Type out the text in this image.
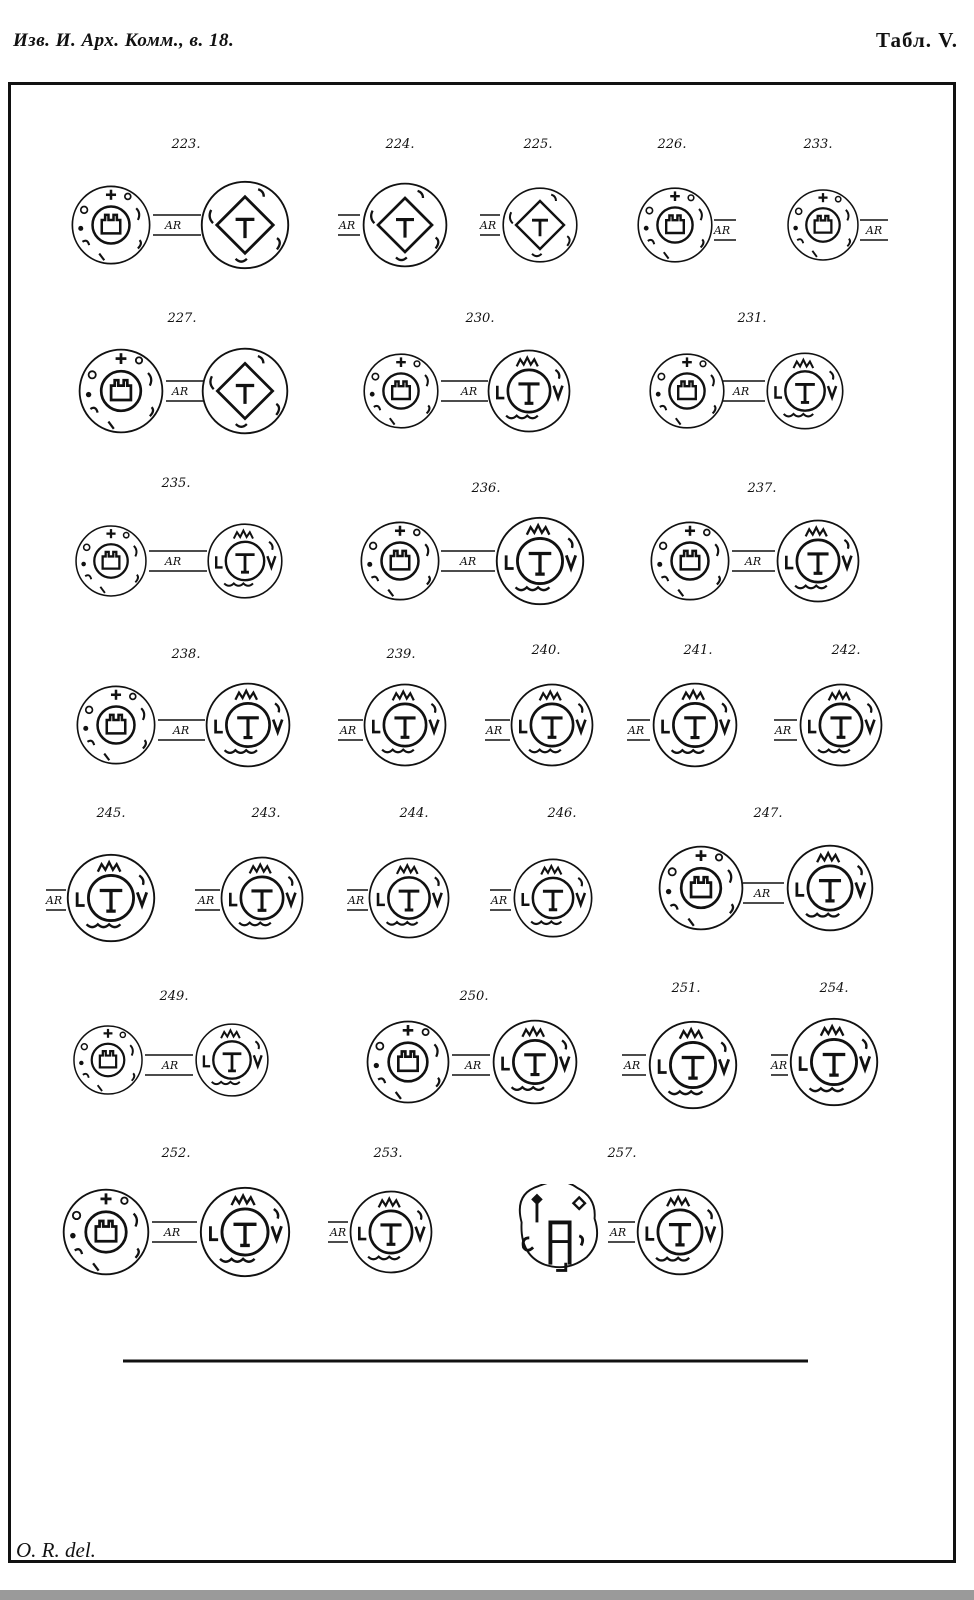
Изв. И. Арх. Комм., в. 18.	Табл. V.
AR
223.
AR
224.
AR
225.
AR
226.
AR
233.
AR
227.
AR
230.
AR
231.
AR
235.
AR
236.
AR
237.
AR
238.
AR
239.
AR
240.
AR
241.
AR
242.
AR
245.
AR
243.
AR
244.
AR
246.
AR
247.
AR
249.
AR
250.
AR
251.
AR
254.
AR
252.
AR
253.
AR
257.
O. R. del.
